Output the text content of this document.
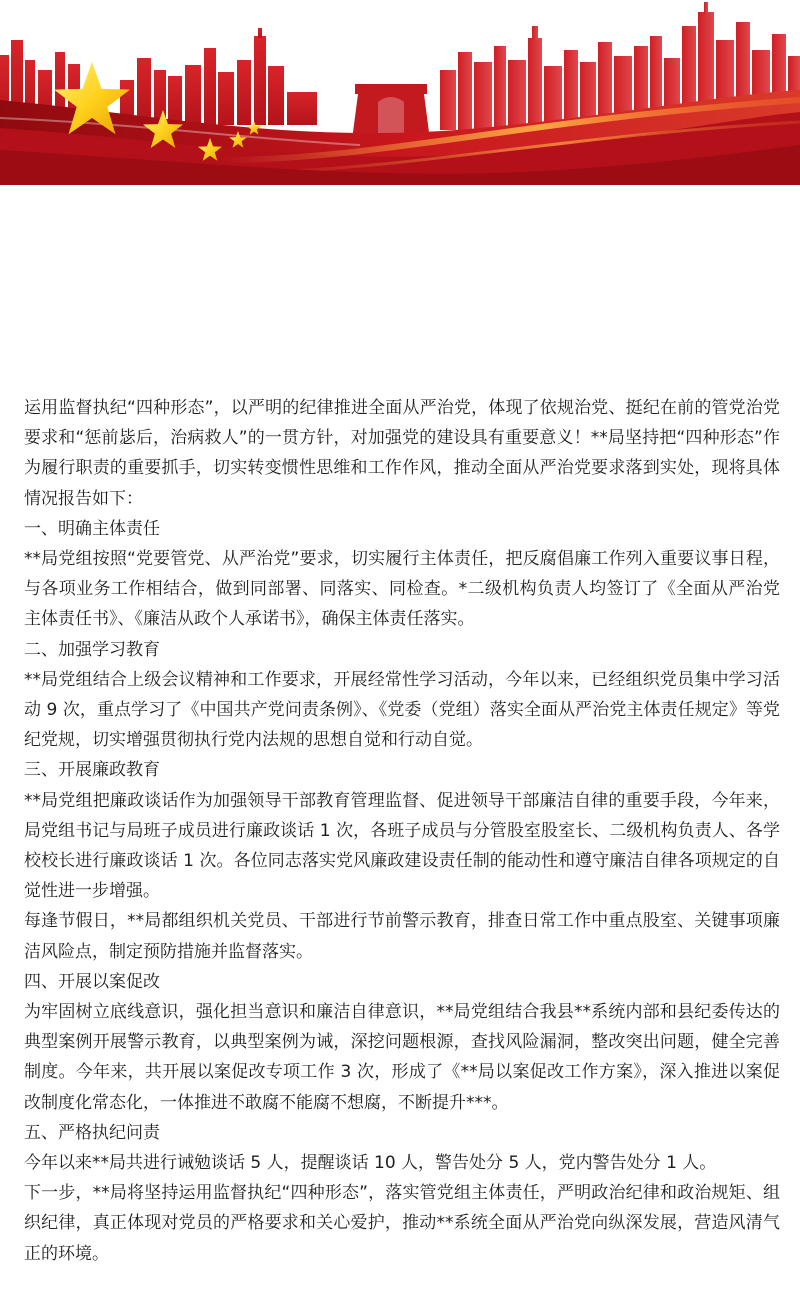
运用监督执纪“四种形态”，以严明的纪律推进全面从严治党，体现了依规治党、挺纪在前的管党治党要求和“惩前毖后，治病救人”的一贯方针，对加强党的建设具有重要意义！**局坚持把“四种形态”作为履行职责的重要抓手，切实转变惯性思维和工作作风，推动全面从严治党要求落到实处，现将具体情况报告如下：

一、明确主体责任

**局党组按照“党要管党、从严治党”要求，切实履行主体责任，把反腐倡廉工作列入重要议事日程，与各项业务工作相结合，做到同部署、同落实、同检查。*二级机构负责人均签订了《全面从严治党主体责任书》、《廉洁从政个人承诺书》，确保主体责任落实。

二、加强学习教育

**局党组结合上级会议精神和工作要求，开展经常性学习活动，今年以来，已经组织党员集中学习活动 9 次，重点学习了《中国共产党问责条例》、《党委（党组）落实全面从严治党主体责任规定》等党纪党规，切实增强贯彻执行党内法规的思想自觉和行动自觉。

三、开展廉政教育

**局党组把廉政谈话作为加强领导干部教育管理监督、促进领导干部廉洁自律的重要手段，今年来，局党组书记与局班子成员进行廉政谈话 1 次，各班子成员与分管股室股室长、二级机构负责人、各学校校长进行廉政谈话 1 次。各位同志落实党风廉政建设责任制的能动性和遵守廉洁自律各项规定的自觉性进一步增强。

每逢节假日，**局都组织机关党员、干部进行节前警示教育，排查日常工作中重点股室、关键事项廉洁风险点，制定预防措施并监督落实。

四、开展以案促改

为牢固树立底线意识，强化担当意识和廉洁自律意识，**局党组结合我县**系统内部和县纪委传达的典型案例开展警示教育，以典型案例为诫，深挖问题根源，查找风险漏洞，整改突出问题，健全完善制度。今年来，共开展以案促改专项工作 3 次，形成了《**局以案促改工作方案》，深入推进以案促改制度化常态化，一体推进不敢腐不能腐不想腐，不断提升***。

五、严格执纪问责

今年以来**局共进行诫勉谈话 5 人，提醒谈话 10 人，警告处分 5 人，党内警告处分 1 人。

下一步，**局将坚持运用监督执纪“四种形态”，落实管党组主体责任，严明政治纪律和政治规矩、组织纪律，真正体现对党员的严格要求和关心爱护，推动**系统全面从严治党向纵深发展，营造风清气正的环境。
